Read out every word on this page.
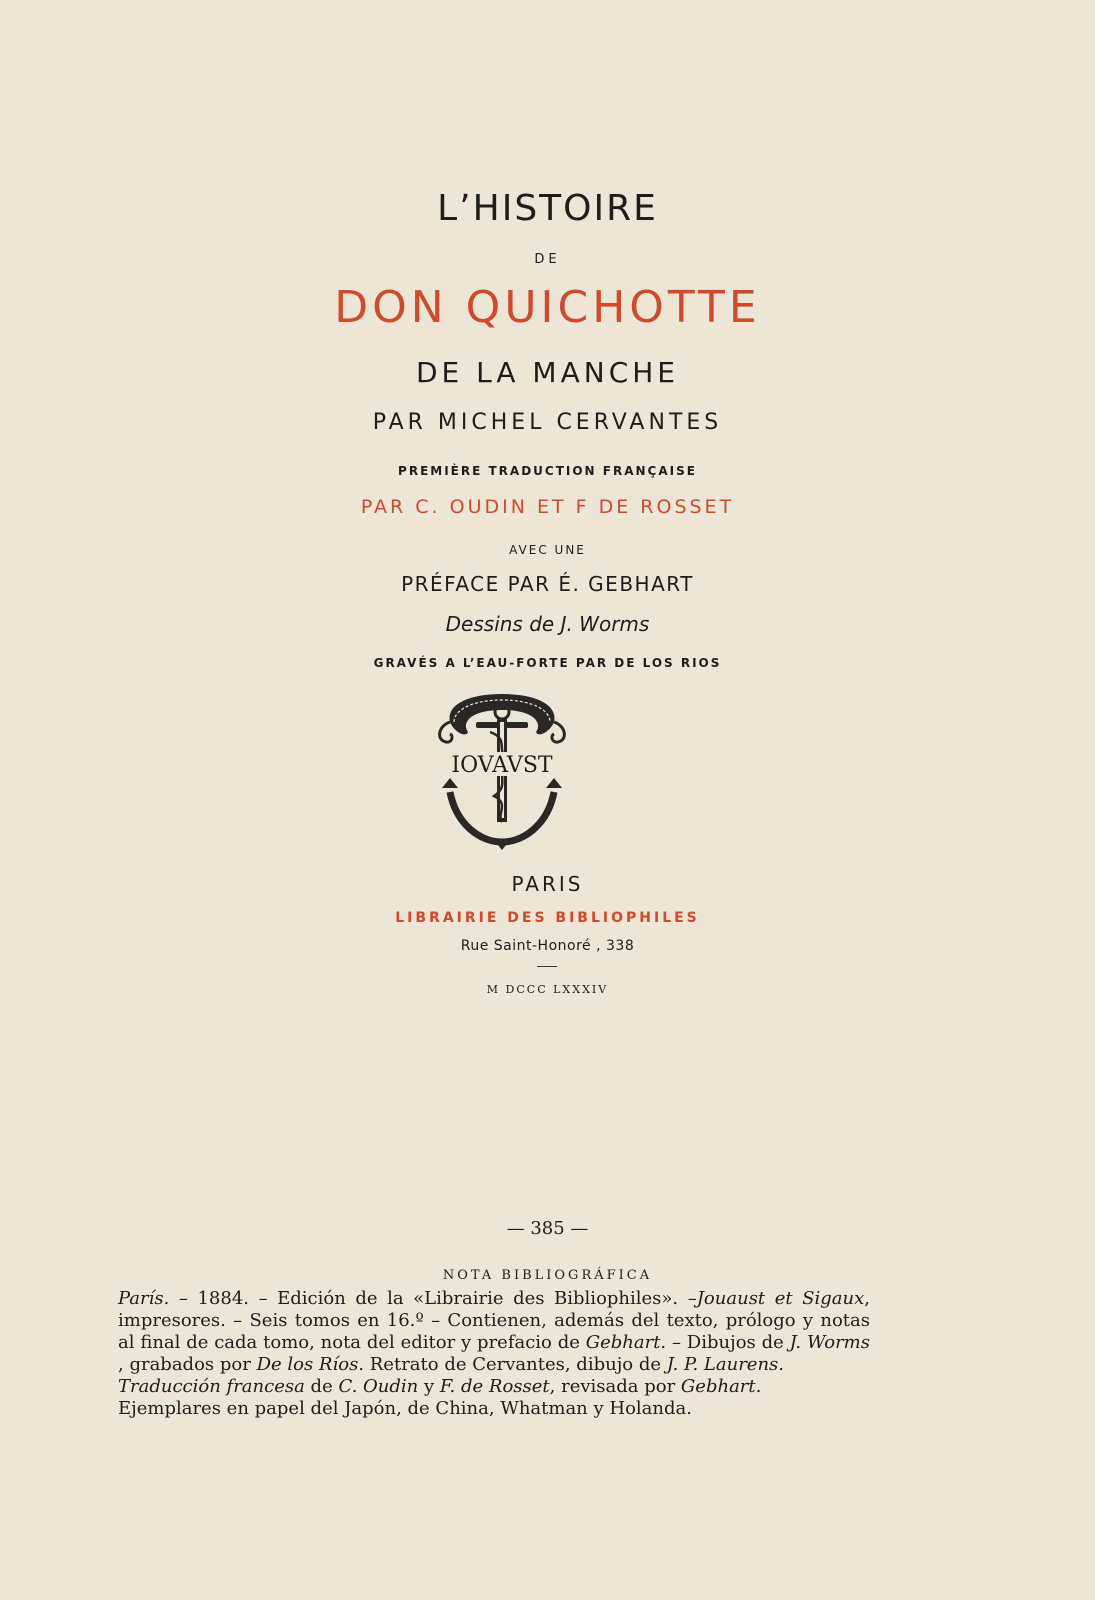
L’HISTOIRE
DE
DON QUICHOTTE
DE LA MANCHE
PAR MICHEL CERVANTES
PREMIÈRE TRADUCTION FRANÇAISE
PAR C. OUDIN ET F DE ROSSET
AVEC UNE
PRÉFACE PAR É. GEBHART
Dessins de J. Worms
GRAVÉS A L’EAU-FORTE PAR DE LOS RIOS
IOVAVST
PARIS
LIBRAIRIE DES BIBLIOPHILES
Rue Saint-Honoré , 338
M DCCC LXXXIV
— 385 —
NOTA BIBLIOGRÁFICA

París. – 1884. – Edición de la «Librairie des Bibliophiles». –Jouaust et Sigaux, impresores. – Seis tomos en 16.º – Contienen, además del texto, prólogo y notas al final de cada tomo, nota del editor y prefacio de Gebhart. – Dibujos de J. Worms , grabados por De los Ríos. Retrato de Cervantes, dibujo de J. P. Laurens.

Traducción francesa de C. Oudin y F. de Rosset, revisada por Gebhart.

Ejemplares en papel del Japón, de China, Whatman y Holanda.
